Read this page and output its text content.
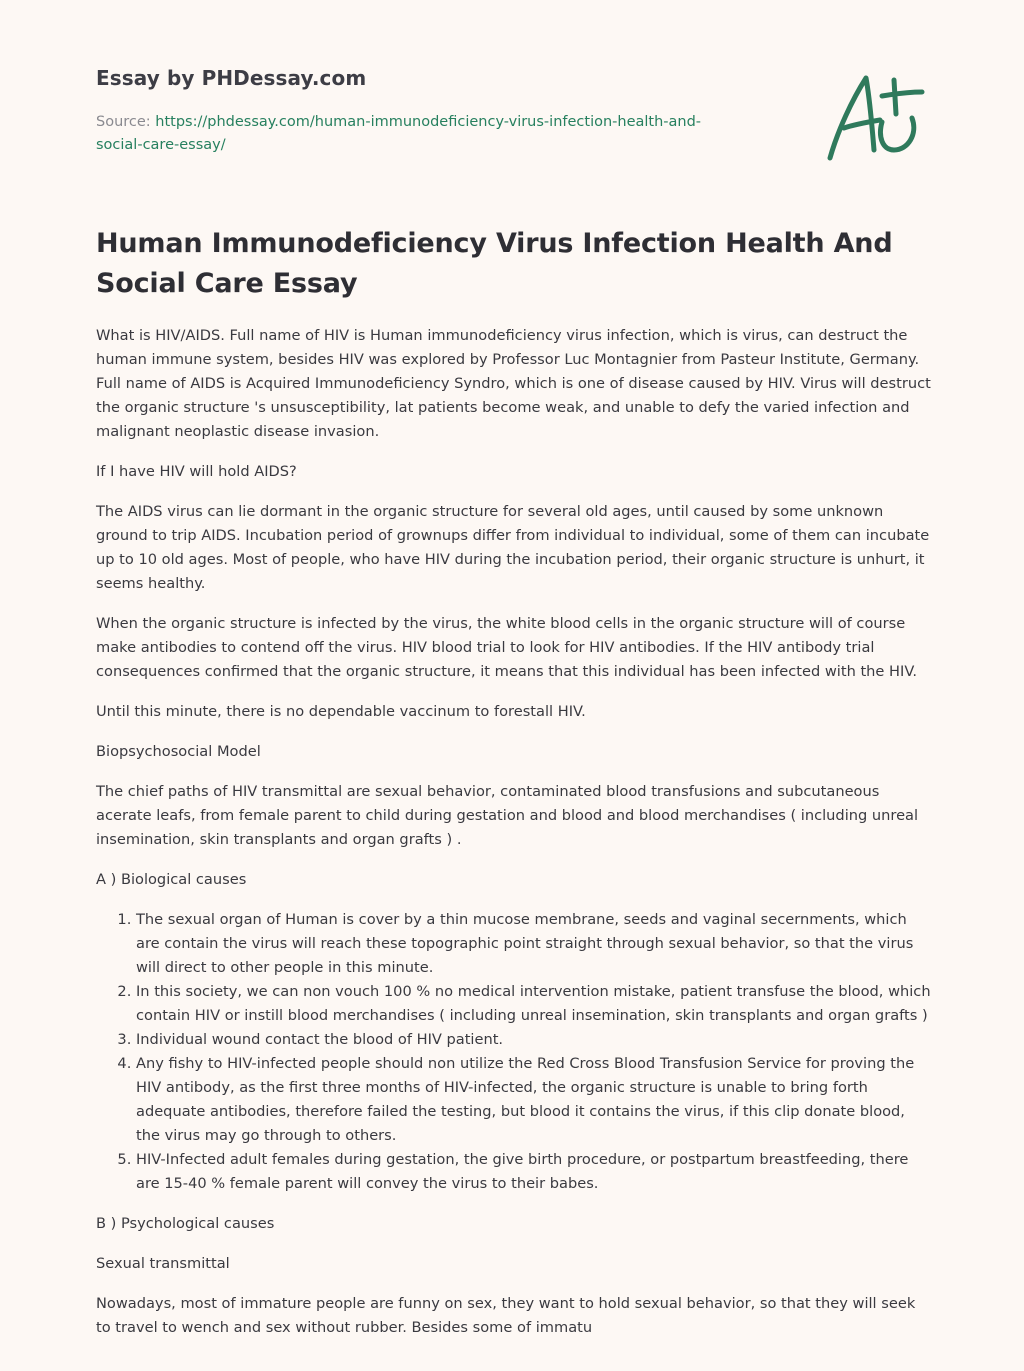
Essay by PHDessay.com
Source: https://phdessay.com/human-immunodeficiency-virus-infection-health-and-social-care-essay/
Human Immunodeficiency Virus Infection Health And Social Care Essay

What is HIV/AIDS. Full name of HIV is Human immunodeficiency virus infection, which is virus, can destruct the human immune system, besides HIV was explored by Professor Luc Montagnier from Pasteur Institute, Germany. Full name of AIDS is Acquired Immunodeficiency Syndro, which is one of disease caused by HIV. Virus will destruct the organic structure 's unsusceptibility, lat patients become weak, and unable to defy the varied infection and malignant neoplastic disease invasion.

If I have HIV will hold AIDS?

The AIDS virus can lie dormant in the organic structure for several old ages, until caused by some unknown ground to trip AIDS. Incubation period of grownups differ from individual to individual, some of them can incubate up to 10 old ages. Most of people, who have HIV during the incubation period, their organic structure is unhurt, it seems healthy.

When the organic structure is infected by the virus, the white blood cells in the organic structure will of course make antibodies to contend off the virus. HIV blood trial to look for HIV antibodies. If the HIV antibody trial consequences confirmed that the organic structure, it means that this individual has been infected with the HIV.

Until this minute, there is no dependable vaccinum to forestall HIV.

Biopsychosocial Model

The chief paths of HIV transmittal are sexual behavior, contaminated blood transfusions and subcutaneous acerate leafs, from female parent to child during gestation and blood and blood merchandises ( including unreal insemination, skin transplants and organ grafts ) .

A ) Biological causes

1. The sexual organ of Human is cover by a thin mucose membrane, seeds and vaginal secernments, which are contain the virus will reach these topographic point straight through sexual behavior, so that the virus will direct to other people in this minute.
2. In this society, we can non vouch 100 % no medical intervention mistake, patient transfuse the blood, which contain HIV or instill blood merchandises ( including unreal insemination, skin transplants and organ grafts )
3. Individual wound contact the blood of HIV patient.
4. Any fishy to HIV-infected people should non utilize the Red Cross Blood Transfusion Service for proving the HIV antibody, as the first three months of HIV-infected, the organic structure is unable to bring forth adequate antibodies, therefore failed the testing, but blood it contains the virus, if this clip donate blood, the virus may go through to others.
5. HIV-Infected adult females during gestation, the give birth procedure, or postpartum breastfeeding, there are 15-40 % female parent will convey the virus to their babes.

B ) Psychological causes

Sexual transmittal

Nowadays, most of immature people are funny on sex, they want to hold sexual behavior, so that they will seek to travel to wench and sex without rubber. Besides some of immatu
